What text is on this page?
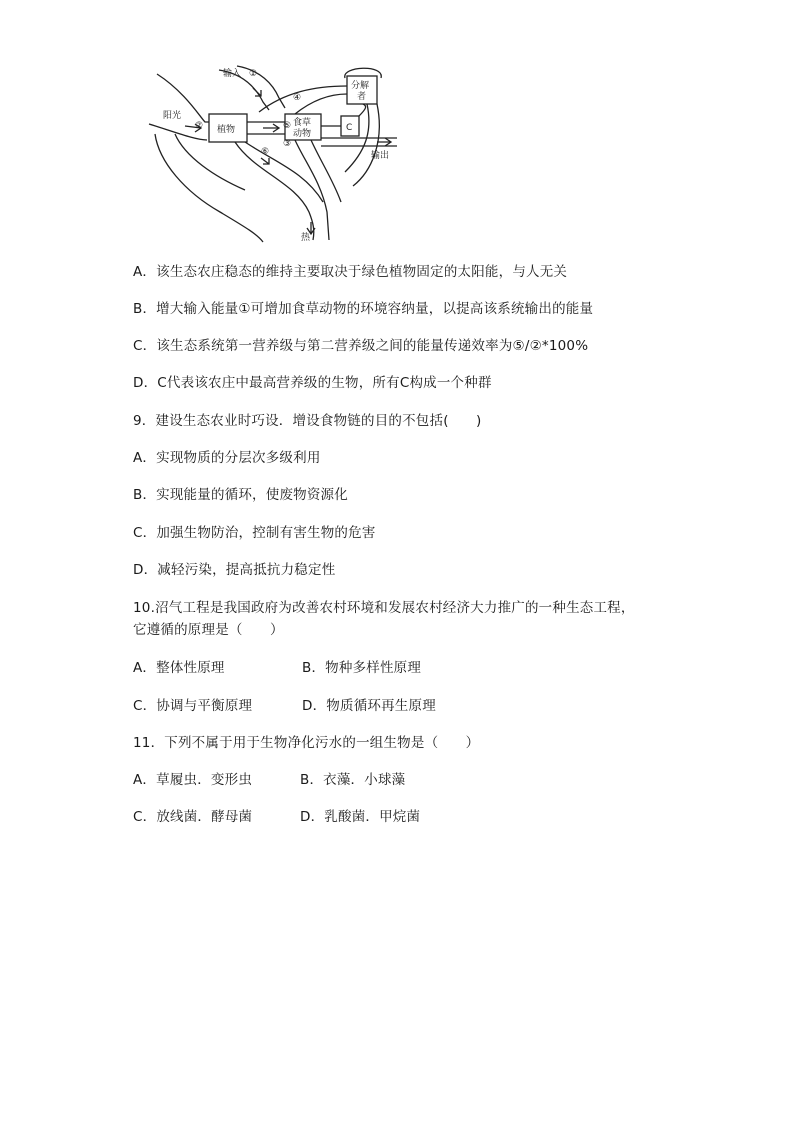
输入 ①
④
阳光
② 植物	⑤ 食草
动物
C
分解
者
③
⑥	输出
热
A．该生态农庄稳态的维持主要取决于绿色植物固定的太阳能，与人无关
B．增大输入能量①可增加食草动物的环境容纳量，以提高该系统输出的能量
C．该生态系统第一营养级与第二营养级之间的能量传递效率为⑤/②*100%
D．C代表该农庄中最高营养级的生物，所有C构成一个种群
9．建设生态农业时巧设．增设食物链的目的不包括(　　)
A．实现物质的分层次多级利用
B．实现能量的循环，使废物资源化
C．加强生物防治，控制有害生物的危害
D．减轻污染，提高抵抗力稳定性
10.沼气工程是我国政府为改善农村环境和发展农村经济大力推广的一种生态工程，
它遵循的原理是（　　）
A．整体性原理	B．物种多样性原理
C．协调与平衡原理	D．物质循环再生原理
11．下列不属于用于生物净化污水的一组生物是（　　）
A．草履虫．变形虫	B．衣藻．小球藻
C．放线菌．酵母菌	D．乳酸菌．甲烷菌
